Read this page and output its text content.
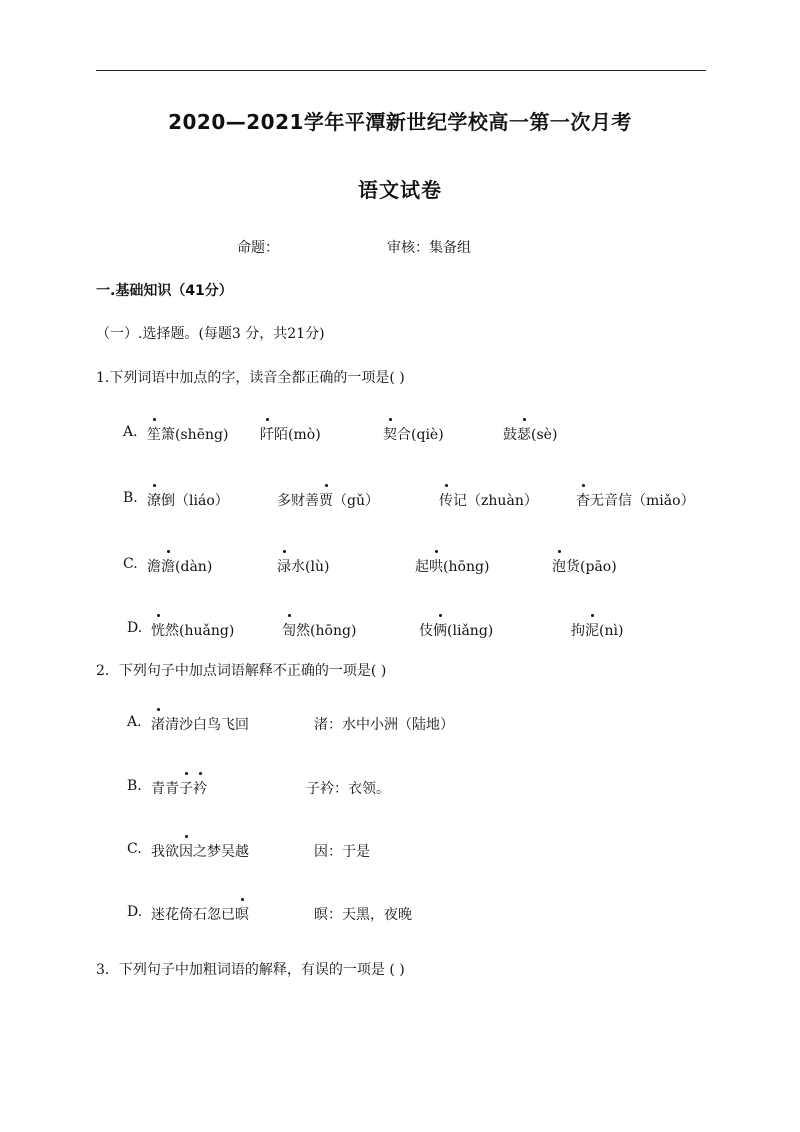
2020—2021学年平潭新世纪学校高一第一次月考
语文试卷
命题：	审核：集备组
一.基础知识（41分）
（一）.选择题。(每题3 分，共21分)
1.下列词语中加点的字，读音全都正确的一项是( )
A. 笙箫(shēng) 阡陌(mò)	契合(qiè)	鼓瑟(sè)
B. 潦倒（liáo）	多财善贾（gǔ）	传记（zhuàn）	杳无音信（miǎo）
C. 澹澹(dàn)	渌水(lù)	起哄(hōng)	泡货(pāo)
D. 恍然(huǎng)	訇然(hōng)	伎俩(liǎng)	拘泥(nì)
2．下列句子中加点词语解释不正确的一项是( )
A. 渚清沙白鸟飞回	渚：水中小洲（陆地）
B. 青青子衿	子衿：衣领。
C. 我欲因之梦吴越	因：于是
D. 迷花倚石忽已暝	暝：天黑，夜晚
3．下列句子中加粗词语的解释，有误的一项是 ( )
